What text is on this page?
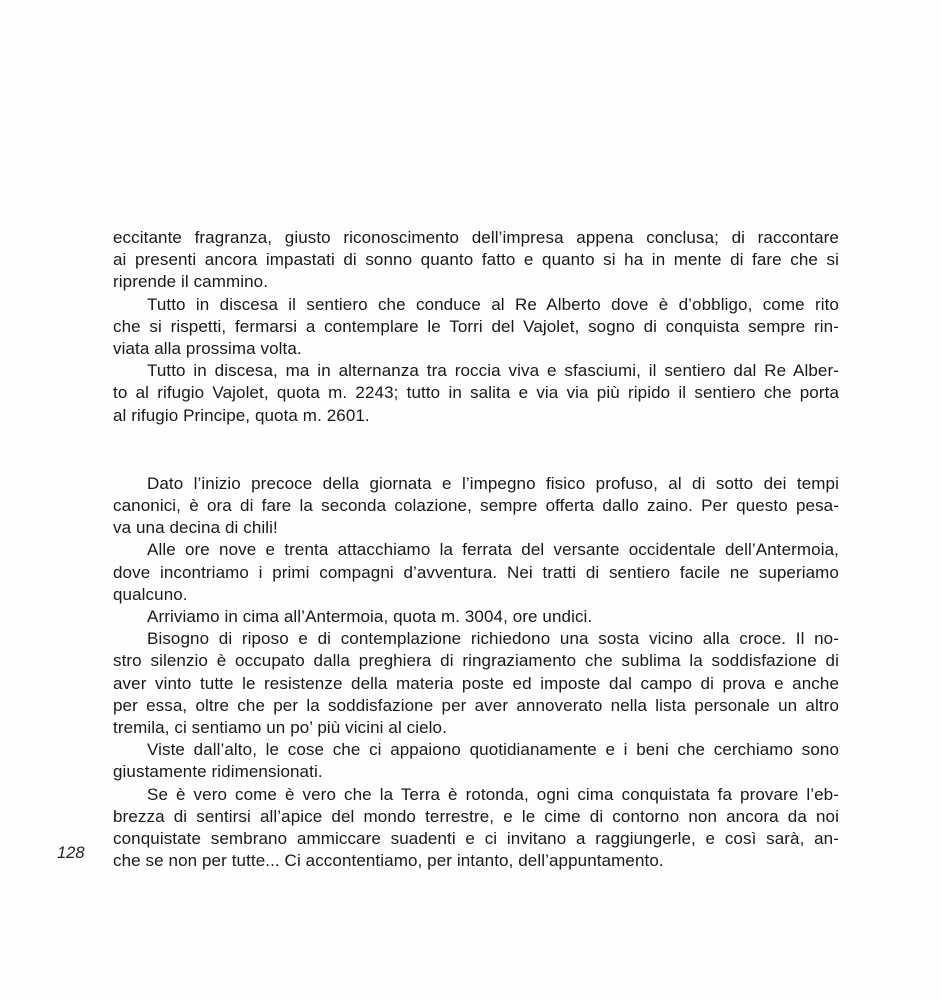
128

eccitante fragranza, giusto riconoscimento dell’impresa appena conclusa; di raccontare
ai presenti ancora impastati di sonno quanto fatto e quanto si ha in mente di fare che si
riprende il cammino.

Tutto in discesa il sentiero che conduce al Re Alberto dove è d’obbligo, come rito
che si rispetti, fermarsi a contemplare le Torri del Vajolet, sogno di conquista sempre rin-
viata alla prossima volta.

Tutto in discesa, ma in alternanza tra roccia viva e sfasciumi, il sentiero dal Re Alber-
to al rifugio Vajolet, quota m. 2243; tutto in salita e via via più ripido il sentiero che porta
al rifugio Principe, quota m. 2601.

Dato l’inizio precoce della giornata e l’impegno fisico profuso, al di sotto dei tempi
canonici, è ora di fare la seconda colazione, sempre offerta dallo zaino. Per questo pesa-
va una decina di chili!

Alle ore nove e trenta attacchiamo la ferrata del versante occidentale dell’Antermoia,
dove incontriamo i primi compagni d’avventura. Nei tratti di sentiero facile ne superiamo
qualcuno.

Arriviamo in cima all’Antermoia, quota m. 3004, ore undici.

Bisogno di riposo e di contemplazione richiedono una sosta vicino alla croce. Il no-
stro silenzio è occupato dalla preghiera di ringraziamento che sublima la soddisfazione di
aver vinto tutte le resistenze della materia poste ed imposte dal campo di prova e anche
per essa, oltre che per la soddisfazione per aver annoverato nella lista personale un altro
tremila, ci sentiamo un po’ più vicini al cielo.

Viste dall’alto, le cose che ci appaiono quotidianamente e i beni che cerchiamo sono
giustamente ridimensionati.

Se è vero come è vero che la Terra è rotonda, ogni cima conquistata fa provare l’eb-
brezza di sentirsi all’apice del mondo terrestre, e le cime di contorno non ancora da noi
conquistate sembrano ammiccare suadenti e ci invitano a raggiungerle, e così sarà, an-
che se non per tutte... Ci accontentiamo, per intanto, dell’appuntamento.
